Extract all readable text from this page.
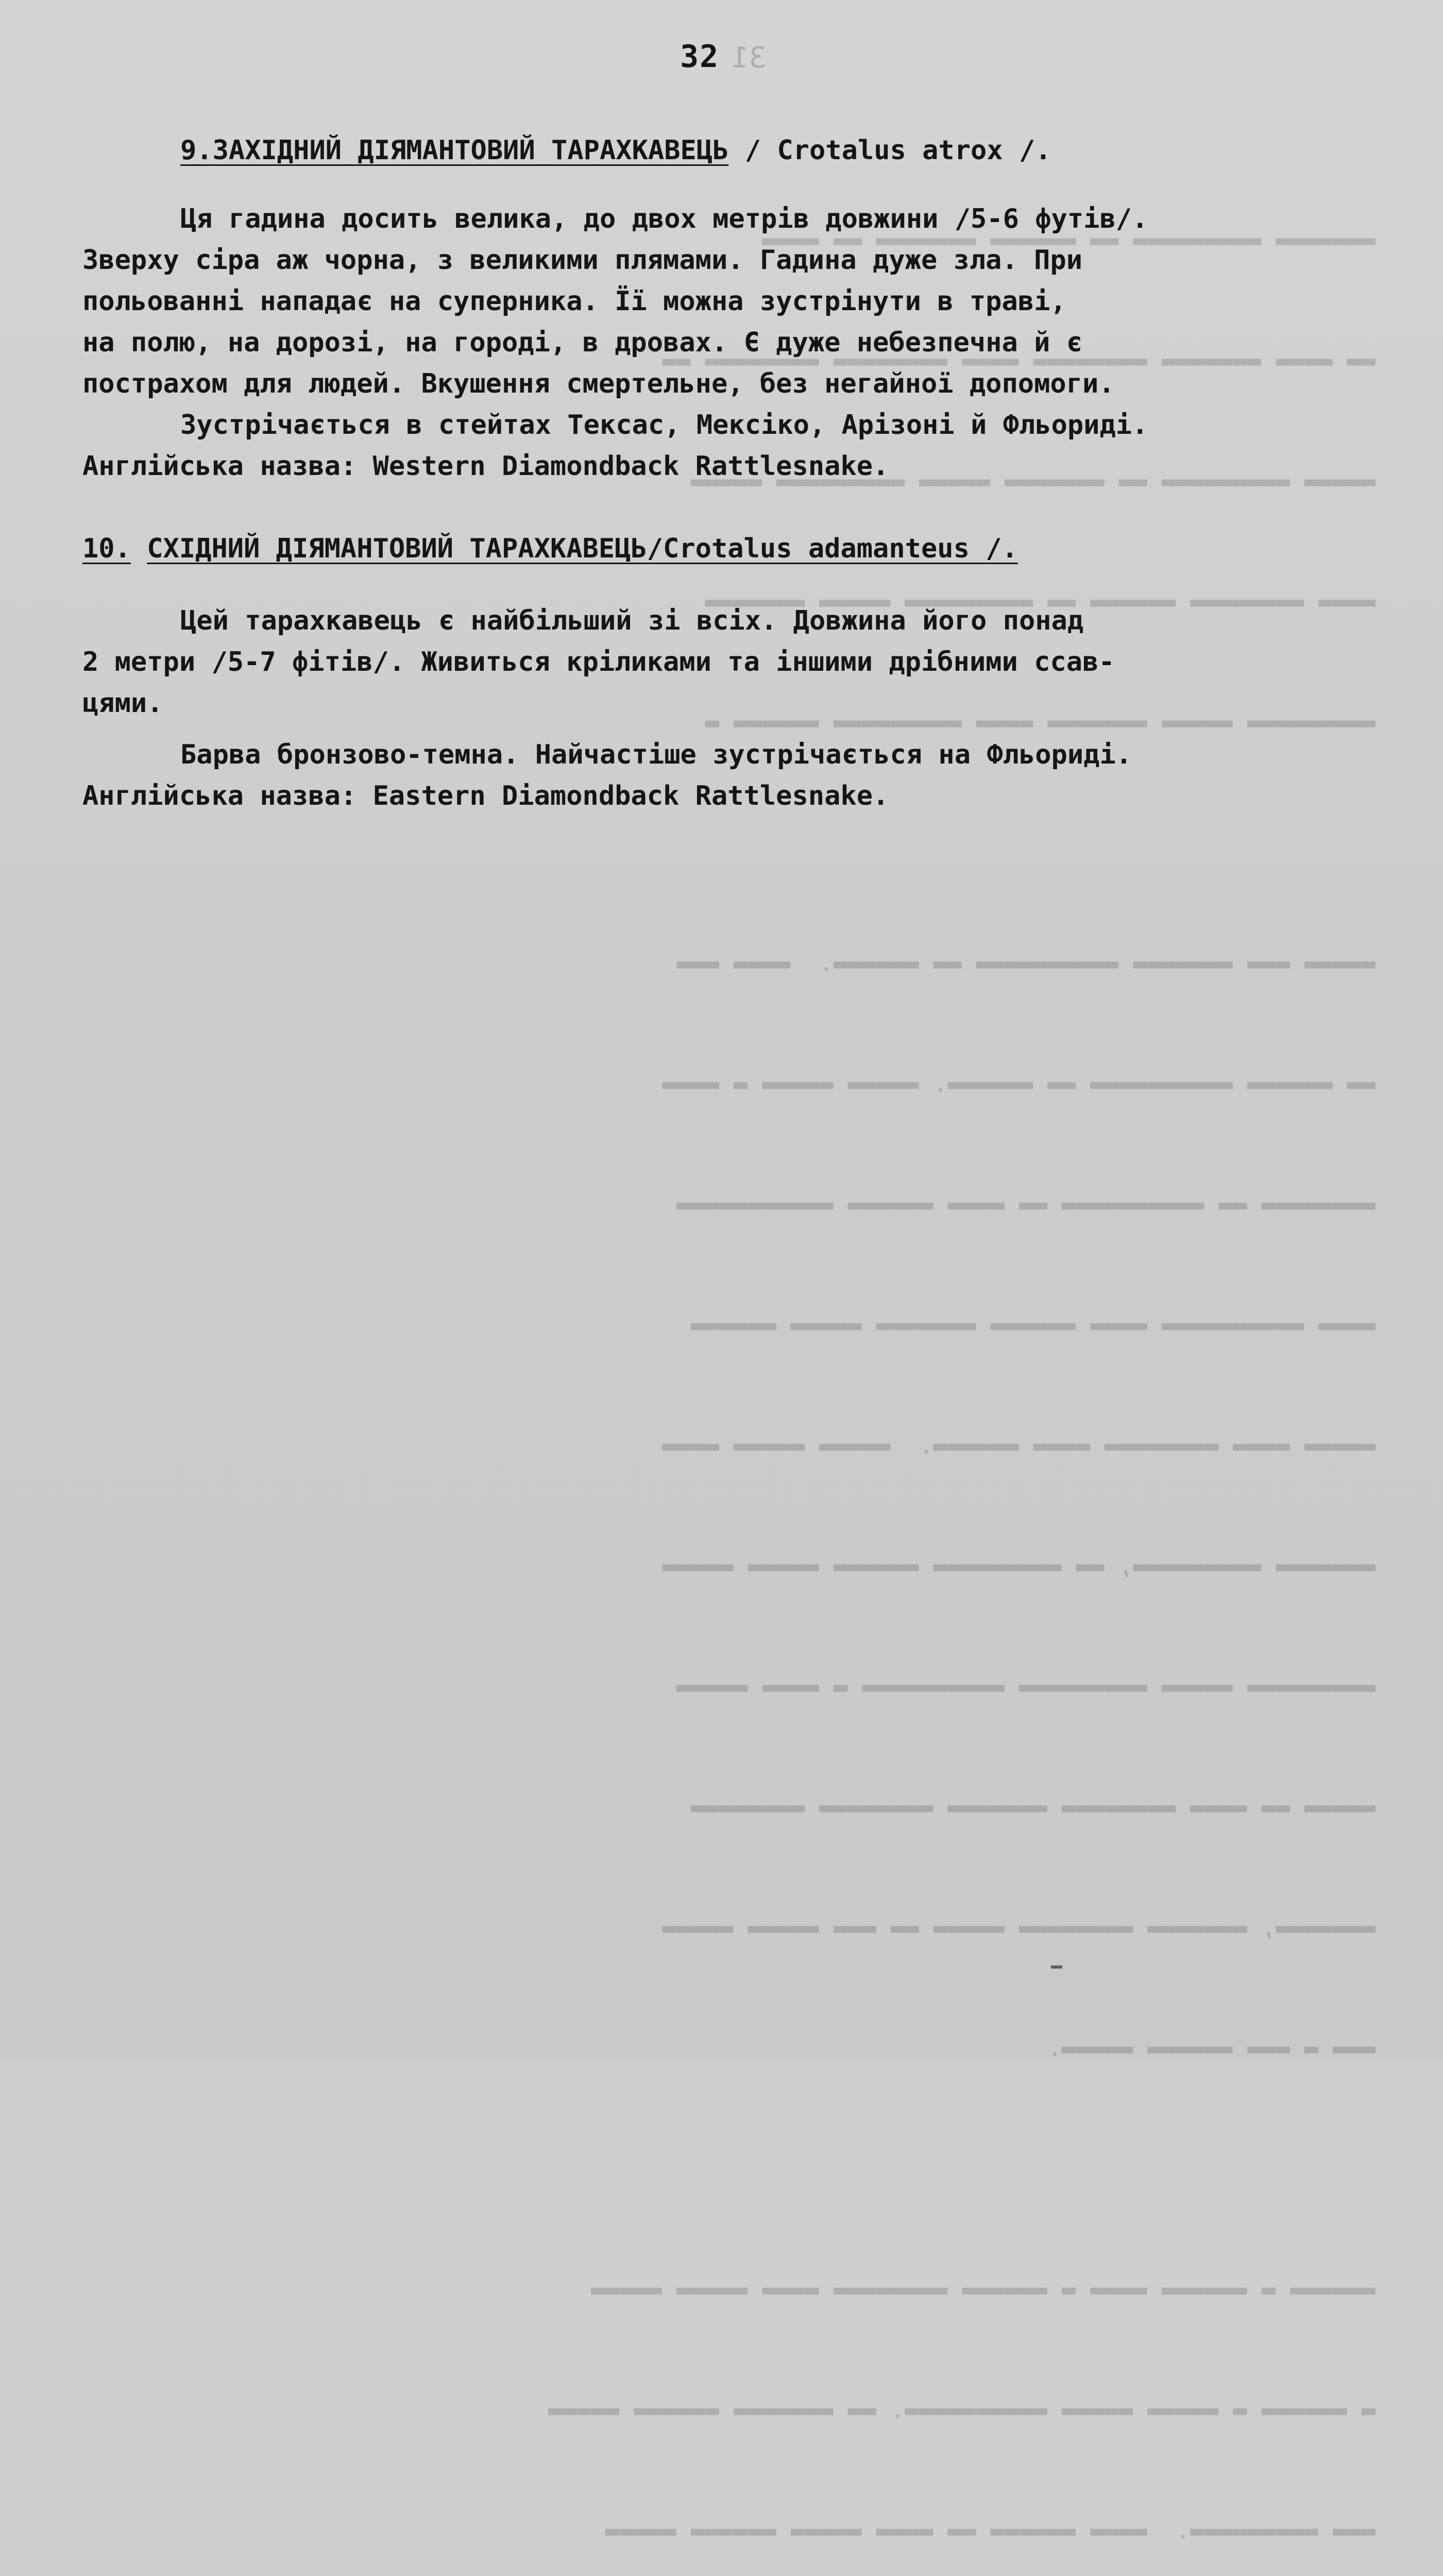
▬▬▬▬▬▬▬ ▬▬▬▬▬▬▬▬▬ ▬▬ ▬▬▬▬▬▬ ▬▬▬▬▬▬▬ ▬▬ ▬▬▬▬

▬▬ ▬▬▬▬ ▬▬▬▬▬▬▬ ▬▬▬▬▬▬▬▬ ▬▬▬▬ ▬▬▬▬▬▬▬▬ ▬▬▬▬▬▬▬▬ ▬▬

▬▬▬▬▬ ▬▬▬▬▬▬▬▬▬ ▬▬ ▬▬▬▬▬▬▬ ▬▬▬▬▬ ▬▬▬▬▬▬▬▬▬ ▬▬▬▬▬

▬▬▬▬ ▬▬▬▬▬▬▬▬ ▬▬▬▬▬▬ ▬▬ ▬▬▬▬▬▬▬▬▬ ▬▬▬▬▬ ▬▬▬▬▬▬▬

▬▬▬▬▬▬▬▬▬ ▬▬▬▬▬ ▬▬▬▬▬▬▬ ▬▬▬▬ ▬▬▬▬▬▬▬▬▬ ▬▬▬▬▬▬ ▬

▬▬▬▬▬ ▬▬▬ ▬▬▬▬▬▬▬ ▬▬▬▬▬▬▬▬▬▬ ▬▬ ▬▬▬▬▬▬.  ▬▬▬▬ ▬▬▬

▬▬ ▬▬▬▬▬▬ ▬▬▬▬▬▬▬▬▬▬ ▬▬ ▬▬▬▬▬▬. ▬▬▬▬▬ ▬▬▬▬▬ ▬ ▬▬▬▬

▬▬▬▬▬▬▬▬ ▬▬ ▬▬▬▬▬▬▬▬▬▬ ▬▬ ▬▬▬▬ ▬▬▬▬▬▬ ▬▬▬▬▬▬▬▬▬▬▬

▬▬▬▬ ▬▬▬▬▬▬▬▬▬▬ ▬▬▬▬ ▬▬▬▬▬▬ ▬▬▬▬▬▬▬ ▬▬▬▬▬ ▬▬▬▬▬▬

▬▬▬▬▬ ▬▬▬▬ ▬▬▬▬▬▬▬▬ ▬▬▬▬ ▬▬▬▬▬▬.  ▬▬▬▬▬ ▬▬▬▬▬ ▬▬▬▬

▬▬▬▬▬▬▬ ▬▬▬▬▬▬▬▬▬, ▬▬ ▬▬▬▬▬▬▬▬▬ ▬▬▬▬▬▬ ▬▬▬▬▬ ▬▬▬▬▬

▬▬▬▬▬▬▬▬▬ ▬▬▬▬▬ ▬▬▬▬▬▬▬▬▬ ▬▬▬▬▬▬▬▬▬▬ ▬ ▬▬▬▬ ▬▬▬▬▬

▬▬▬▬▬ ▬▬ ▬▬▬▬ ▬▬▬▬▬▬▬▬ ▬▬▬▬▬▬▬ ▬▬▬▬▬▬▬▬ ▬▬▬▬▬▬▬▬

▬▬▬▬▬▬▬, ▬▬▬▬▬▬▬ ▬▬▬▬▬▬▬▬ ▬▬▬▬▬ ▬▬ ▬▬▬ ▬▬▬▬▬ ▬▬▬▬▬

▬▬▬ ▬ ▬▬▬ ▬▬▬▬▬▬ ▬▬▬▬▬.

▬▬▬▬▬▬ ▬ ▬▬▬▬▬▬ ▬▬▬▬ ▬ ▬▬▬▬▬▬ ▬▬▬▬▬▬▬▬ ▬▬▬▬ ▬▬▬▬▬ ▬▬▬▬▬

▬ ▬▬▬▬▬▬ ▬ ▬▬▬▬▬ ▬▬▬▬▬ ▬▬▬▬▬▬▬▬▬▬. ▬▬ ▬▬▬▬▬▬▬ ▬▬▬▬▬▬ ▬▬▬▬▬

▬▬▬ ▬▬▬▬▬▬▬▬▬.  ▬▬▬▬ ▬▬▬▬▬▬ ▬▬ ▬▬▬▬ ▬▬▬▬▬ ▬▬▬▬▬▬ ▬▬▬▬▬

31
32
9.ЗАХІДНИЙ ДІЯМАНТОВИЙ ТАРАХКАВЕЦЬ / Crotalus atrox /.
Ця гадина досить велика, до двох метрів довжини /5-6 футів/.
Зверху сіра аж чорна, з великими плямами. Гадина дуже зла. При
польованні нападає на суперника. Її можна зустрінути в траві,
на полю, на дорозі, на городі, в дровах. Є дуже небезпечна й є
пострахом для людей. Вкушення смертельне, без негайної допомоги.
Зустрічається в стейтах Тексас, Мексіко, Арізоні й Фльориді.
Англійська назва: Western Diamondback Rattlesnake.
10. СХІДНИЙ ДІЯМАНТОВИЙ ТАРАХКАВЕЦЬ/Crotalus adamanteus /.
Цей тарахкавець є найбільший зі всіх. Довжина його понад
2 метри /5-7 фітів/. Живиться кріликами та іншими дрібними ссав-
цями.
Барва бронзово-темна. Найчастіше зустрічається на Фльориді.
Англійська назва: Eastern Diamondback Rattlesnake.
